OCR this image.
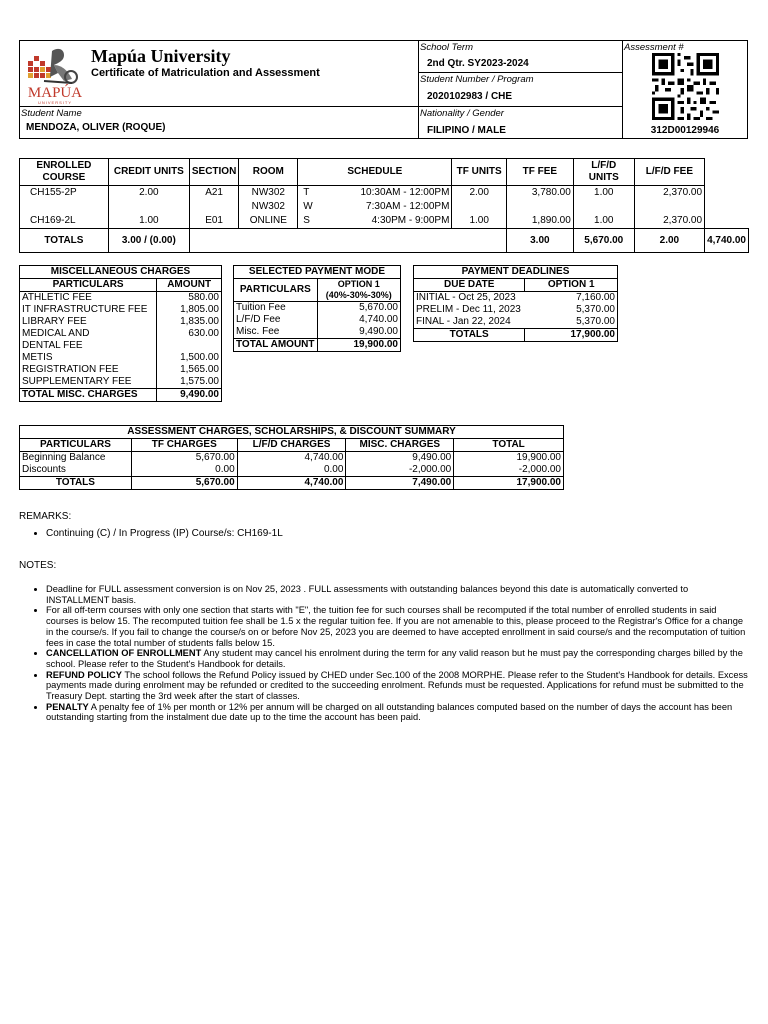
MAPÚA
UNIVERSITY
Mapúa University
Certificate of Matriculation and Assessment
Student Name
MENDOZA, OLIVER (ROQUE)
School Term
2nd Qtr. SY2023-2024
Student Number / Program
2020102983 / CHE
Nationality / Gender
FILIPINO / MALE
Assessment #
312D00129946
ENROLLED COURSE	CREDIT UNITS	SECTION	ROOM	SCHEDULE	TF UNITS	TF FEE	L/F/D UNITS	L/F/D FEE	
CH155-2P	2.00	A21	NW302	T 10:30AM - 12:00PM	2.00	3,780.00	1.00	2,370.00	
			NW302	W 7:30AM - 12:00PM					

CH169-2L	1.00	E01	ONLINE	S 4:30PM - 9:00PM	1.00	1,890.00	1.00	2,370.00	
TOTALS	3.00 / (0.00)					3.00	5,670.00	2.00	4,740.00
MISCELLANEOUS CHARGES	
PARTICULARS	AMOUNT
ATHLETIC FEE	580.00
IT INFRASTRUCTURE FEE	1,805.00
LIBRARY FEE	1,835.00
MEDICAL AND DENTAL FEE	630.00
METIS	1,500.00
REGISTRATION FEE	1,565.00
SUPPLEMENTARY FEE	1,575.00
TOTAL MISC. CHARGES	9,490.00
SELECTED PAYMENT MODE	
PARTICULARS	OPTION 1
(40%-30%-30%)
Tuition Fee	5,670.00
L/F/D Fee	4,740.00
Misc. Fee	9,490.00
TOTAL AMOUNT	19,900.00
PAYMENT DEADLINES	
DUE DATE	OPTION 1
INITIAL - Oct 25, 2023	7,160.00
PRELIM - Dec 11, 2023	5,370.00
FINAL - Jan 22, 2024	5,370.00
TOTALS	17,900.00
ASSESSMENT CHARGES, SCHOLARSHIPS, & DISCOUNT SUMMARY				
PARTICULARS	TF CHARGES	L/F/D CHARGES	MISC. CHARGES	TOTAL
Beginning Balance	5,670.00	4,740.00	9,490.00	19,900.00
Discounts	0.00	0.00	-2,000.00	-2,000.00
TOTALS	5,670.00	4,740.00	7,490.00	17,900.00
REMARKS:
• Continuing (C) / In Progress (IP) Course/s: CH169-1L
NOTES:
• Deadline for FULL assessment conversion is on Nov 25, 2023 . FULL assessments with outstanding balances beyond this date is automatically converted to INSTALLMENT basis.
• For all off-term courses with only one section that starts with "E", the tuition fee for such courses shall be recomputed if the total number of enrolled students in said courses is below 15. The recomputed tuition fee shall be 1.5 x the regular tuition fee. If you are not amenable to this, please proceed to the Registrar's Office for a change in the course/s. If you fail to change the course/s on or before Nov 25, 2023 you are deemed to have accepted enrollment in said course/s and the recomputation of tuition fees in case the total number of students falls below 15.
• CANCELLATION OF ENROLLMENT Any student may cancel his enrolment during the term for any valid reason but he must pay the corresponding charges billed by the school. Please refer to the Student's Handbook for details.
• REFUND POLICY The school follows the Refund Policy issued by CHED under Sec.100 of the 2008 MORPHE. Please refer to the Student's Handbook for details. Excess payments made during enrolment may be refunded or credited to the succeeding enrolment. Refunds must be requested. Applications for refund must be submitted to the Treasury Dept. starting the 3rd week after the start of classes.
• PENALTY A penalty fee of 1% per month or 12% per annum will be charged on all outstanding balances computed based on the number of days the account has been outstanding starting from the instalment due date up to the time the account has been paid.
